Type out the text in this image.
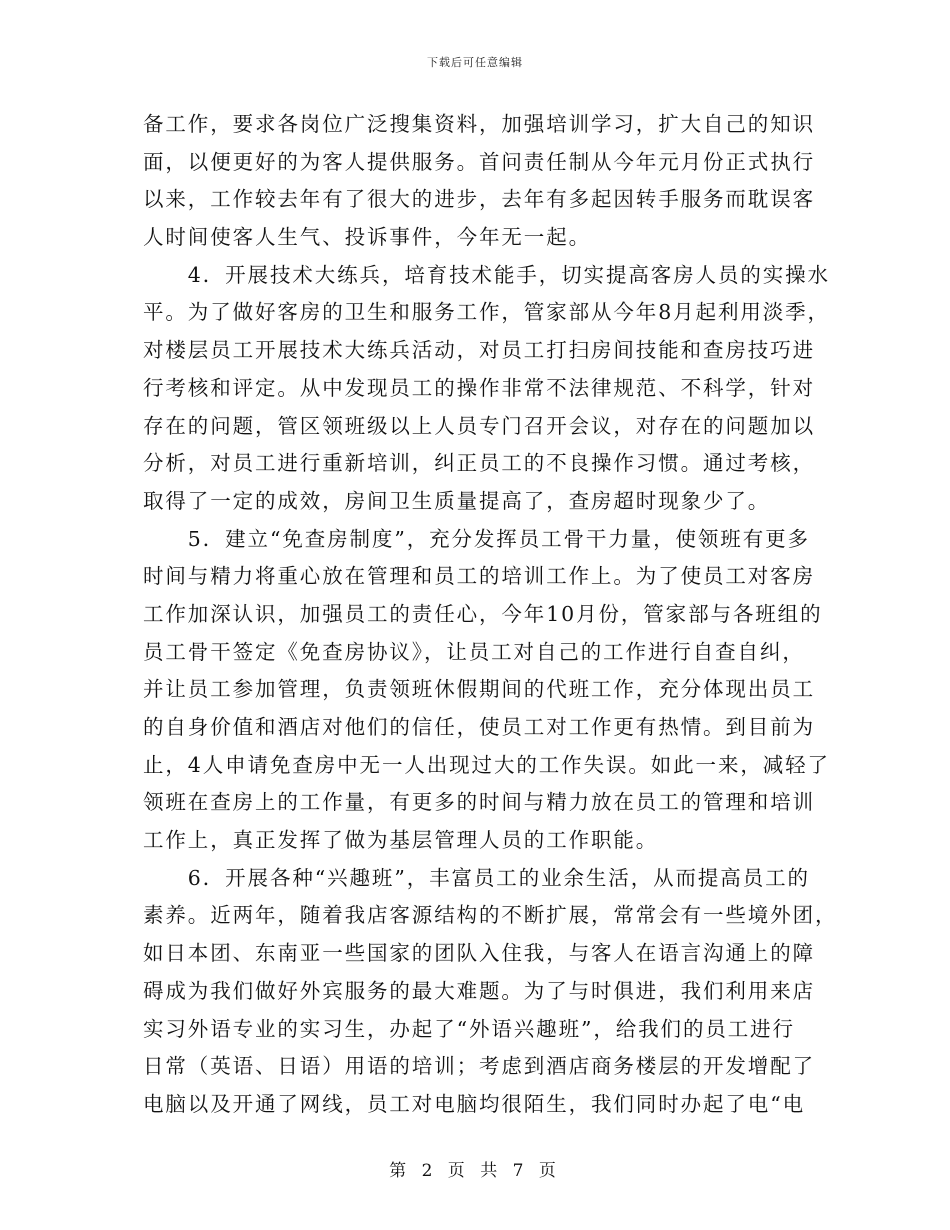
下载后可任意编辑
备工作，要求各岗位广泛搜集资料，加强培训学习，扩大自己的知识
面，以便更好的为客人提供服务。首问责任制从今年元月份正式执行
以来，工作较去年有了很大的进步，去年有多起因转手服务而耽误客
人时间使客人生气、投诉事件，今年无一起。
　　4．开展技术大练兵，培育技术能手，切实提高客房人员的实操水
平。为了做好客房的卫生和服务工作，管家部从今年8月起利用淡季，
对楼层员工开展技术大练兵活动，对员工打扫房间技能和查房技巧进
行考核和评定。从中发现员工的操作非常不法律规范、不科学，针对
存在的问题，管区领班级以上人员专门召开会议，对存在的问题加以
分析，对员工进行重新培训，纠正员工的不良操作习惯。通过考核，
取得了一定的成效，房间卫生质量提高了，查房超时现象少了。
　　5．建立“免查房制度”，充分发挥员工骨干力量，使领班有更多
时间与精力将重心放在管理和员工的培训工作上。为了使员工对客房
工作加深认识，加强员工的责任心，今年10月份，管家部与各班组的
员工骨干签定《免查房协议》，让员工对自己的工作进行自查自纠，
并让员工参加管理，负责领班休假期间的代班工作，充分体现出员工
的自身价值和酒店对他们的信任，使员工对工作更有热情。到目前为
止，4人申请免查房中无一人出现过大的工作失误。如此一来，减轻了
领班在查房上的工作量，有更多的时间与精力放在员工的管理和培训
工作上，真正发挥了做为基层管理人员的工作职能。
　　6．开展各种“兴趣班”，丰富员工的业余生活，从而提高员工的
素养。近两年，随着我店客源结构的不断扩展，常常会有一些境外团，
如日本团、东南亚一些国家的团队入住我，与客人在语言沟通上的障
碍成为我们做好外宾服务的最大难题。为了与时俱进，我们利用来店
实习外语专业的实习生，办起了“外语兴趣班”，给我们的员工进行
日常（英语、日语）用语的培训；考虑到酒店商务楼层的开发增配了
电脑以及开通了网线，员工对电脑均很陌生，我们同时办起了电“电
第 2 页 共 7 页
